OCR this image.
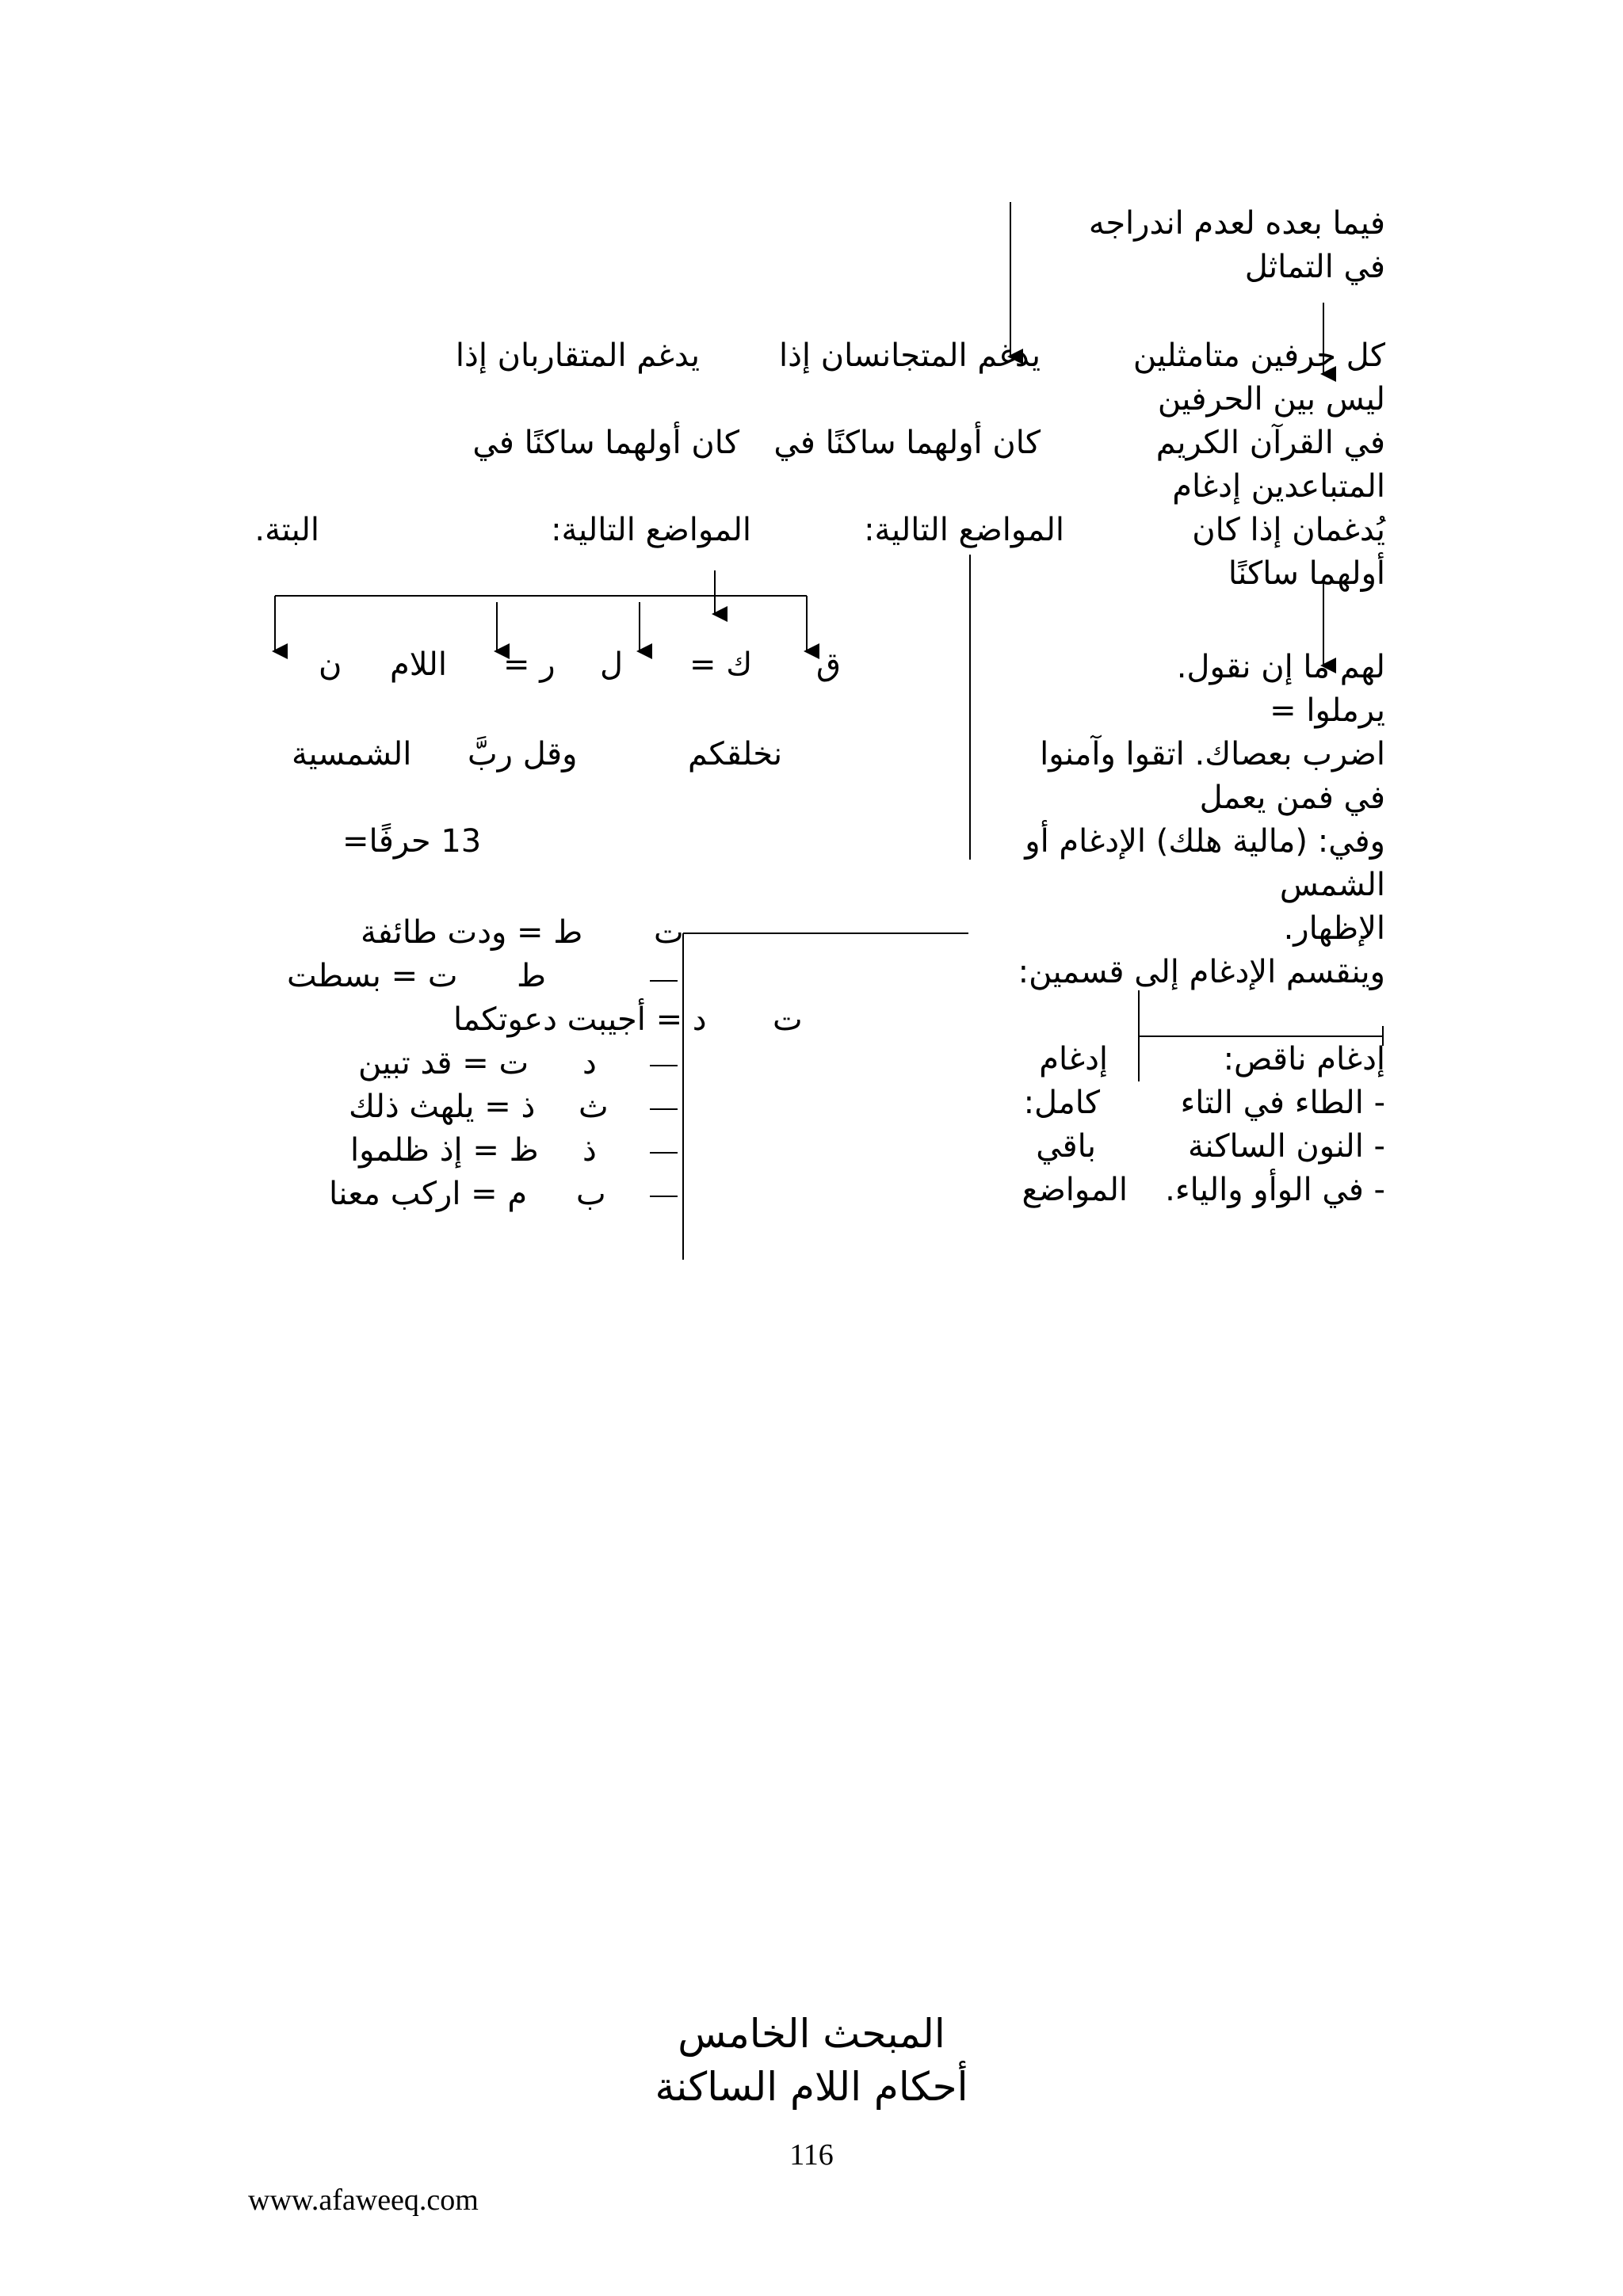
فيما بعده لعدم اندراجه
في التماثل
كل حرفين متامثلين
ليس بين الحرفين
في القرآن الكريم
المتباعدين إدغام
يُدغمان إذا كان
أولهما ساكنًا
يدغم المتجانسان إذا
كان أولهما ساكنًا في
المواضع التالية:
يدغم المتقاربان إذا
كان أولهما ساكنًا في
المواضع التالية:
البتة.
ق
ك =
ل
ر =
اللام
ن
نخلقكم
وقل ربَّ
الشمسية
13 حرفًا=
لهم ما إن نقول.
يرملوا =
اضرب بعصاك. اتقوا وآمنوا
في فمن يعمل
وفي: (مالية هلك) الإدغام أو
الشمس
الإظهار.
وينقسم الإدغام إلى قسمين:
إدغام ناقص:
إدغام
- الطاء في التاء
كامل:
- النون الساكنة
باقي
- في الوأو والياء.
المواضع
ت
ط = ودت طائفة
ط
ت = بسطت
ت
د = أجيبت دعوتكما
د
ت = قد تبين
ث
ذ = يلهث ذلك
ذ
ظ = إذ ظلموا
ب
م = اركب معنا
المبحث الخامس
أحكام اللام الساكنة
116
www.afaweeq.com
